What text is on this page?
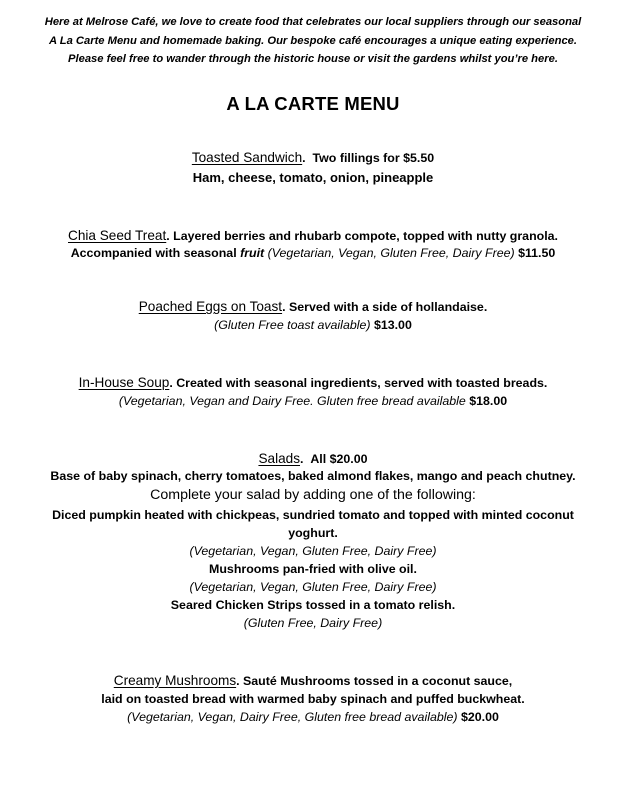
Here at Melrose Café, we love to create food that celebrates our local suppliers through our seasonal
A La Carte Menu and homemade baking. Our bespoke café encourages a unique eating experience.
Please feel free to wander through the historic house or visit the gardens whilst you’re here.
A LA CARTE MENU
Toasted Sandwich. Two fillings for $5.50
Ham, cheese, tomato, onion, pineapple
Chia Seed Treat. Layered berries and rhubarb compote, topped with nutty granola.
Accompanied with seasonal fruit (Vegetarian, Vegan, Gluten Free, Dairy Free) $11.50
Poached Eggs on Toast. Served with a side of hollandaise.
(Gluten Free toast available) $13.00
In-House Soup. Created with seasonal ingredients, served with toasted breads.
(Vegetarian, Vegan and Dairy Free. Gluten free bread available $18.00
Salads. All $20.00
Base of baby spinach, cherry tomatoes, baked almond flakes, mango and peach chutney.
Complete your salad by adding one of the following:
Diced pumpkin heated with chickpeas, sundried tomato and topped with minted coconut
yoghurt.
(Vegetarian, Vegan, Gluten Free, Dairy Free)
Mushrooms pan-fried with olive oil.
(Vegetarian, Vegan, Gluten Free, Dairy Free)
Seared Chicken Strips tossed in a tomato relish.
(Gluten Free, Dairy Free)
Creamy Mushrooms. Sauté Mushrooms tossed in a coconut sauce,
laid on toasted bread with warmed baby spinach and puffed buckwheat.
(Vegetarian, Vegan, Dairy Free, Gluten free bread available) $20.00
